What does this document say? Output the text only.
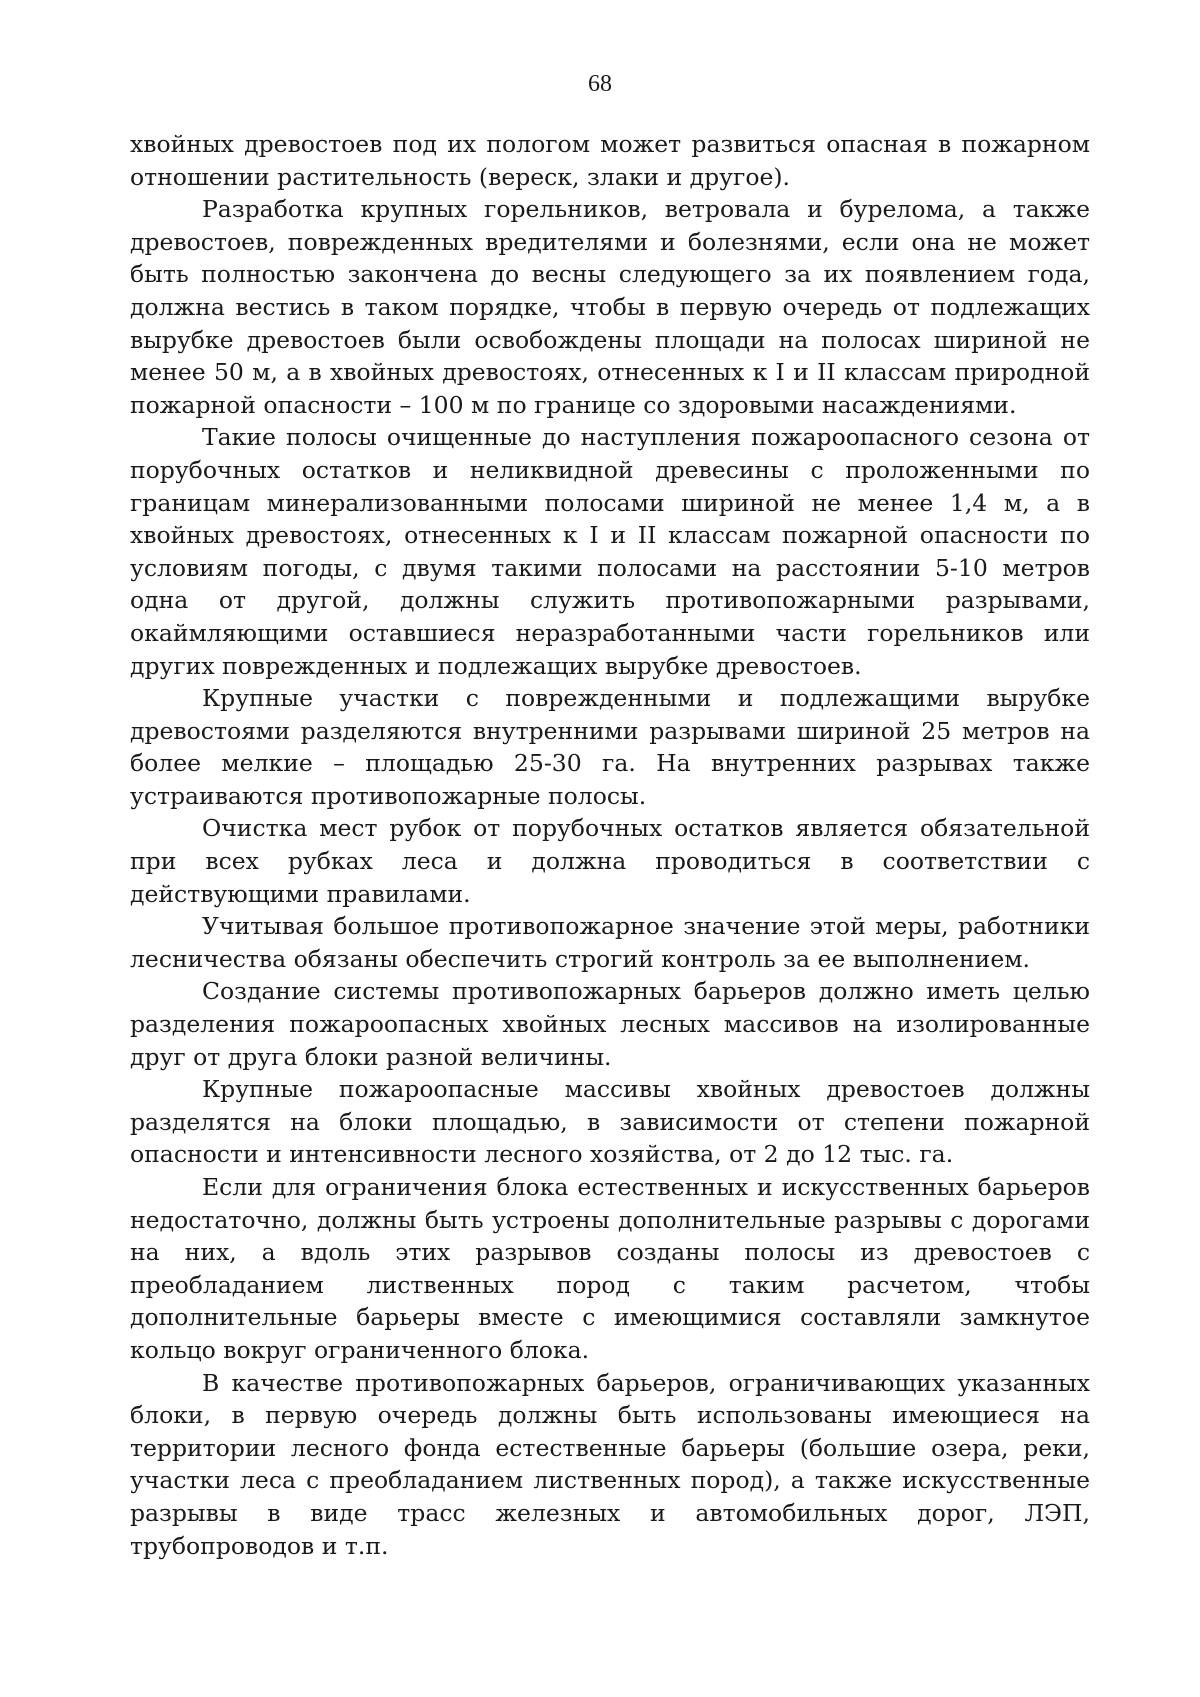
68

хвойных древостоев под их пологом может развиться опасная в пожарном отношении растительность (вереск, злаки и другое).

Разработка крупных горельников, ветровала и бурелома, а также древостоев, поврежденных вредителями и болезнями, если она не может быть полностью закончена до весны следующего за их появлением года, должна вестись в таком порядке, чтобы в первую очередь от подлежащих вырубке древостоев были освобождены площади на полосах шириной не менее 50 м, а в хвойных древостоях, отнесенных к I и II классам природной пожарной опасности – 100 м по границе со здоровыми насаждениями.

Такие полосы очищенные до наступления пожароопасного сезона от порубочных остатков и неликвидной древесины с проложенными по границам минерализованными полосами шириной не менее 1,4 м, а в хвойных древостоях, отнесенных к I и II классам пожарной опасности по условиям погоды, с двумя такими полосами на расстоянии 5-10 метров одна от другой, должны служить противопожарными разрывами, окаймляющими оставшиеся неразработанными части горельников или других поврежденных и подлежащих вырубке древостоев.

Крупные участки с поврежденными и подлежащими вырубке древостоями разделяются внутренними разрывами шириной 25 метров на более мелкие – площадью 25-30 га. На внутренних разрывах также устраиваются противопожарные полосы.

Очистка мест рубок от порубочных остатков является обязательной при всех рубках леса и должна проводиться в соответствии с действующими правилами.

Учитывая большое противопожарное значение этой меры, работники лесничества обязаны обеспечить строгий контроль за ее выполнением.

Создание системы противопожарных барьеров должно иметь целью разделения пожароопасных хвойных лесных массивов на изолированные друг от друга блоки разной величины.

Крупные пожароопасные массивы хвойных древостоев должны разделятся на блоки площадью, в зависимости от степени пожарной опасности и интенсивности лесного хозяйства, от 2 до 12 тыс. га.

Если для ограничения блока естественных и искусственных барьеров недостаточно, должны быть устроены дополнительные разрывы с дорогами на них, а вдоль этих разрывов созданы полосы из древостоев с преобладанием лиственных пород с таким расчетом, чтобы дополнительные барьеры вместе с имеющимися составляли замкнутое кольцо вокруг ограниченного блока.

В качестве противопожарных барьеров, ограничивающих указанных блоки, в первую очередь должны быть использованы имеющиеся на территории лесного фонда естественные барьеры (большие озера, реки, участки леса с преобладанием лиственных пород), а также искусственные разрывы в виде трасс железных и автомобильных дорог, ЛЭП, трубопроводов и т.п.
